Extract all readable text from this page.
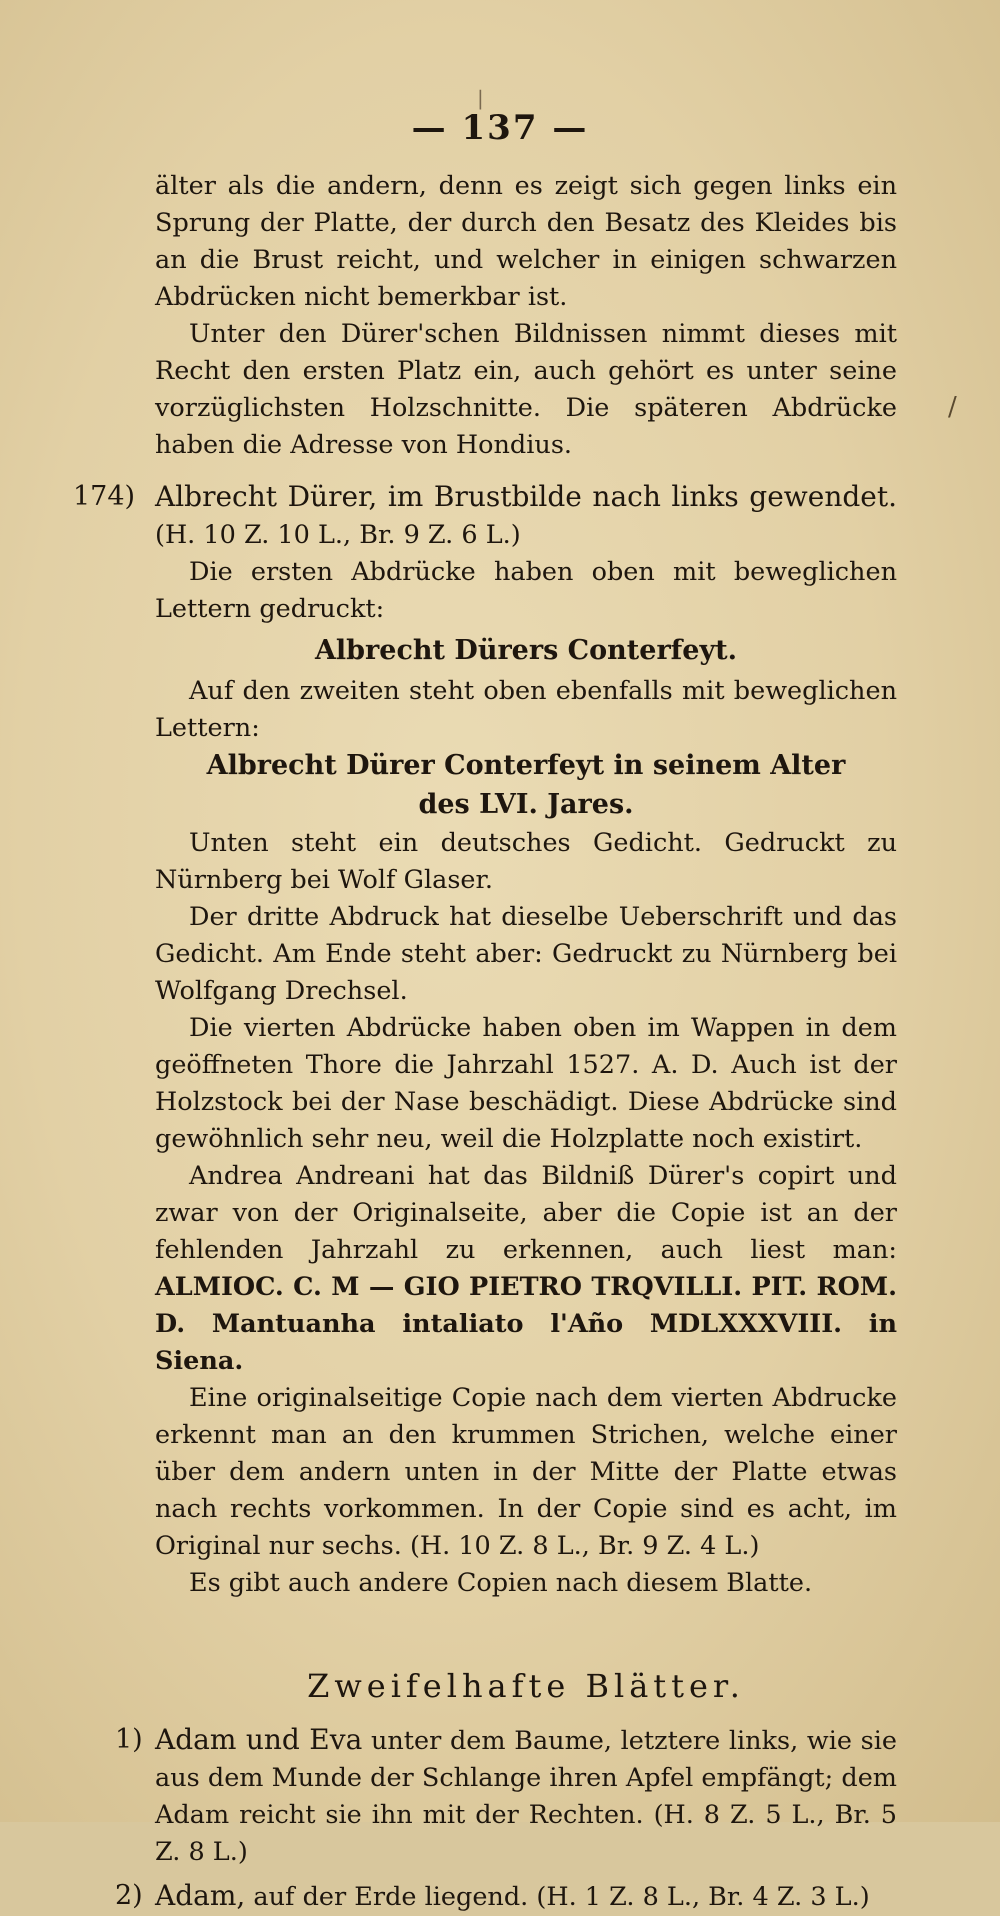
|
— 137 —
/

älter als die andern, denn es zeigt sich gegen links ein Sprung der Platte, der durch den Besatz des Kleides bis an die Brust reicht, und welcher in einigen schwarzen Abdrücken nicht bemerkbar ist.

Unter den Dürer'schen Bildnissen nimmt dieses mit Recht den ersten Platz ein, auch gehört es unter seine vorzüglichsten Holzschnitte. Die späteren Abdrücke haben die Adresse von Hondius.

174) Albrecht Dürer, im Brustbilde nach links gewendet. (H. 10 Z. 10 L., Br. 9 Z. 6 L.)

Die ersten Abdrücke haben oben mit beweglichen Lettern gedruckt:

Albrecht Dürers Conterfeyt.

Auf den zweiten steht oben ebenfalls mit beweglichen Lettern:

Albrecht Dürer Conterfeyt in seinem Alter

des LVI. Jares.

Unten steht ein deutsches Gedicht. Gedruckt zu Nürnberg bei Wolf Glaser.

Der dritte Abdruck hat dieselbe Ueberschrift und das Gedicht. Am Ende steht aber: Gedruckt zu Nürnberg bei Wolfgang Drechsel.

Die vierten Abdrücke haben oben im Wappen in dem geöffneten Thore die Jahrzahl 1527. A. D. Auch ist der Holzstock bei der Nase beschädigt. Diese Abdrücke sind gewöhnlich sehr neu, weil die Holzplatte noch existirt.

Andrea Andreani hat das Bildniß Dürer's copirt und zwar von der Originalseite, aber die Copie ist an der fehlenden Jahrzahl zu erkennen, auch liest man: ALMIOC. C. M — GIO PIETRO TRQVILLI. PIT. ROM. D. Mantuanha intaliato l'Año MDLXXXVIII. in Siena.

Eine originalseitige Copie nach dem vierten Abdrucke erkennt man an den krummen Strichen, welche einer über dem andern unten in der Mitte der Platte etwas nach rechts vorkommen. In der Copie sind es acht, im Original nur sechs. (H. 10 Z. 8 L., Br. 9 Z. 4 L.)

Es gibt auch andere Copien nach diesem Blatte.

Zweifelhafte Blätter.
1) Adam und Eva unter dem Baume, letztere links, wie sie aus dem Munde der Schlange ihren Apfel empfängt; dem Adam reicht sie ihn mit der Rechten. (H. 8 Z. 5 L., Br. 5 Z. 8 L.)
2) Adam, auf der Erde liegend. (H. 1 Z. 8 L., Br. 4 Z. 3 L.)
